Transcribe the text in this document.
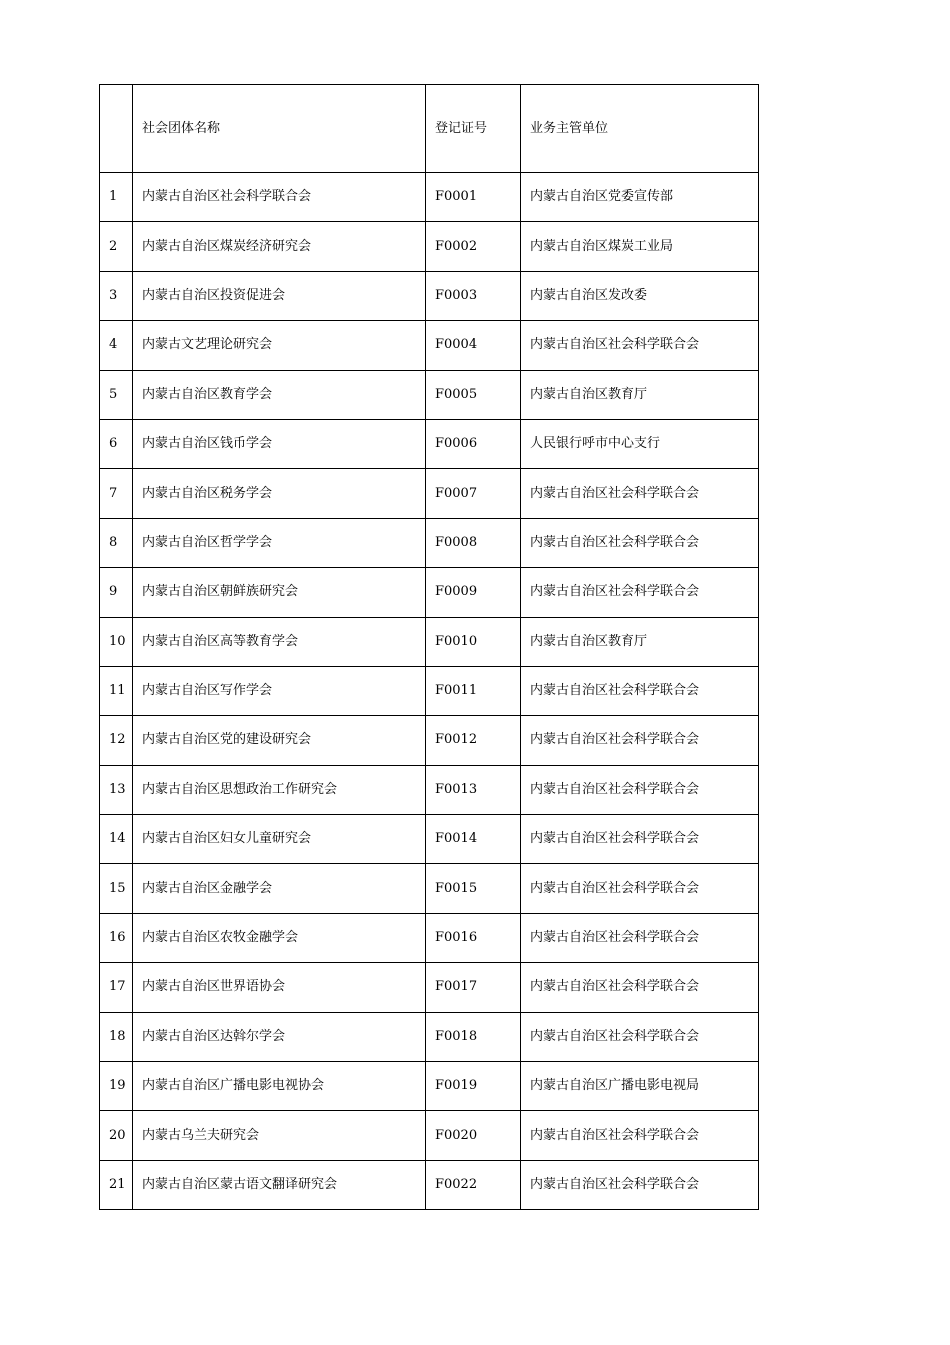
	社会团体名称	登记证号	业务主管单位
1	内蒙古自治区社会科学联合会	F0001	内蒙古自治区党委宣传部
2	内蒙古自治区煤炭经济研究会	F0002	内蒙古自治区煤炭工业局
3	内蒙古自治区投资促进会	F0003	内蒙古自治区发改委
4	内蒙古文艺理论研究会	F0004	内蒙古自治区社会科学联合会
5	内蒙古自治区教育学会	F0005	内蒙古自治区教育厅
6	内蒙古自治区钱币学会	F0006	人民银行呼市中心支行
7	内蒙古自治区税务学会	F0007	内蒙古自治区社会科学联合会
8	内蒙古自治区哲学学会	F0008	内蒙古自治区社会科学联合会
9	内蒙古自治区朝鲜族研究会	F0009	内蒙古自治区社会科学联合会
10	内蒙古自治区高等教育学会	F0010	内蒙古自治区教育厅
11	内蒙古自治区写作学会	F0011	内蒙古自治区社会科学联合会
12	内蒙古自治区党的建设研究会	F0012	内蒙古自治区社会科学联合会
13	内蒙古自治区思想政治工作研究会	F0013	内蒙古自治区社会科学联合会
14	内蒙古自治区妇女儿童研究会	F0014	内蒙古自治区社会科学联合会
15	内蒙古自治区金融学会	F0015	内蒙古自治区社会科学联合会
16	内蒙古自治区农牧金融学会	F0016	内蒙古自治区社会科学联合会
17	内蒙古自治区世界语协会	F0017	内蒙古自治区社会科学联合会
18	内蒙古自治区达斡尔学会	F0018	内蒙古自治区社会科学联合会
19	内蒙古自治区广播电影电视协会	F0019	内蒙古自治区广播电影电视局
20	内蒙古乌兰夫研究会	F0020	内蒙古自治区社会科学联合会
21	内蒙古自治区蒙古语文翻译研究会	F0022	内蒙古自治区社会科学联合会
